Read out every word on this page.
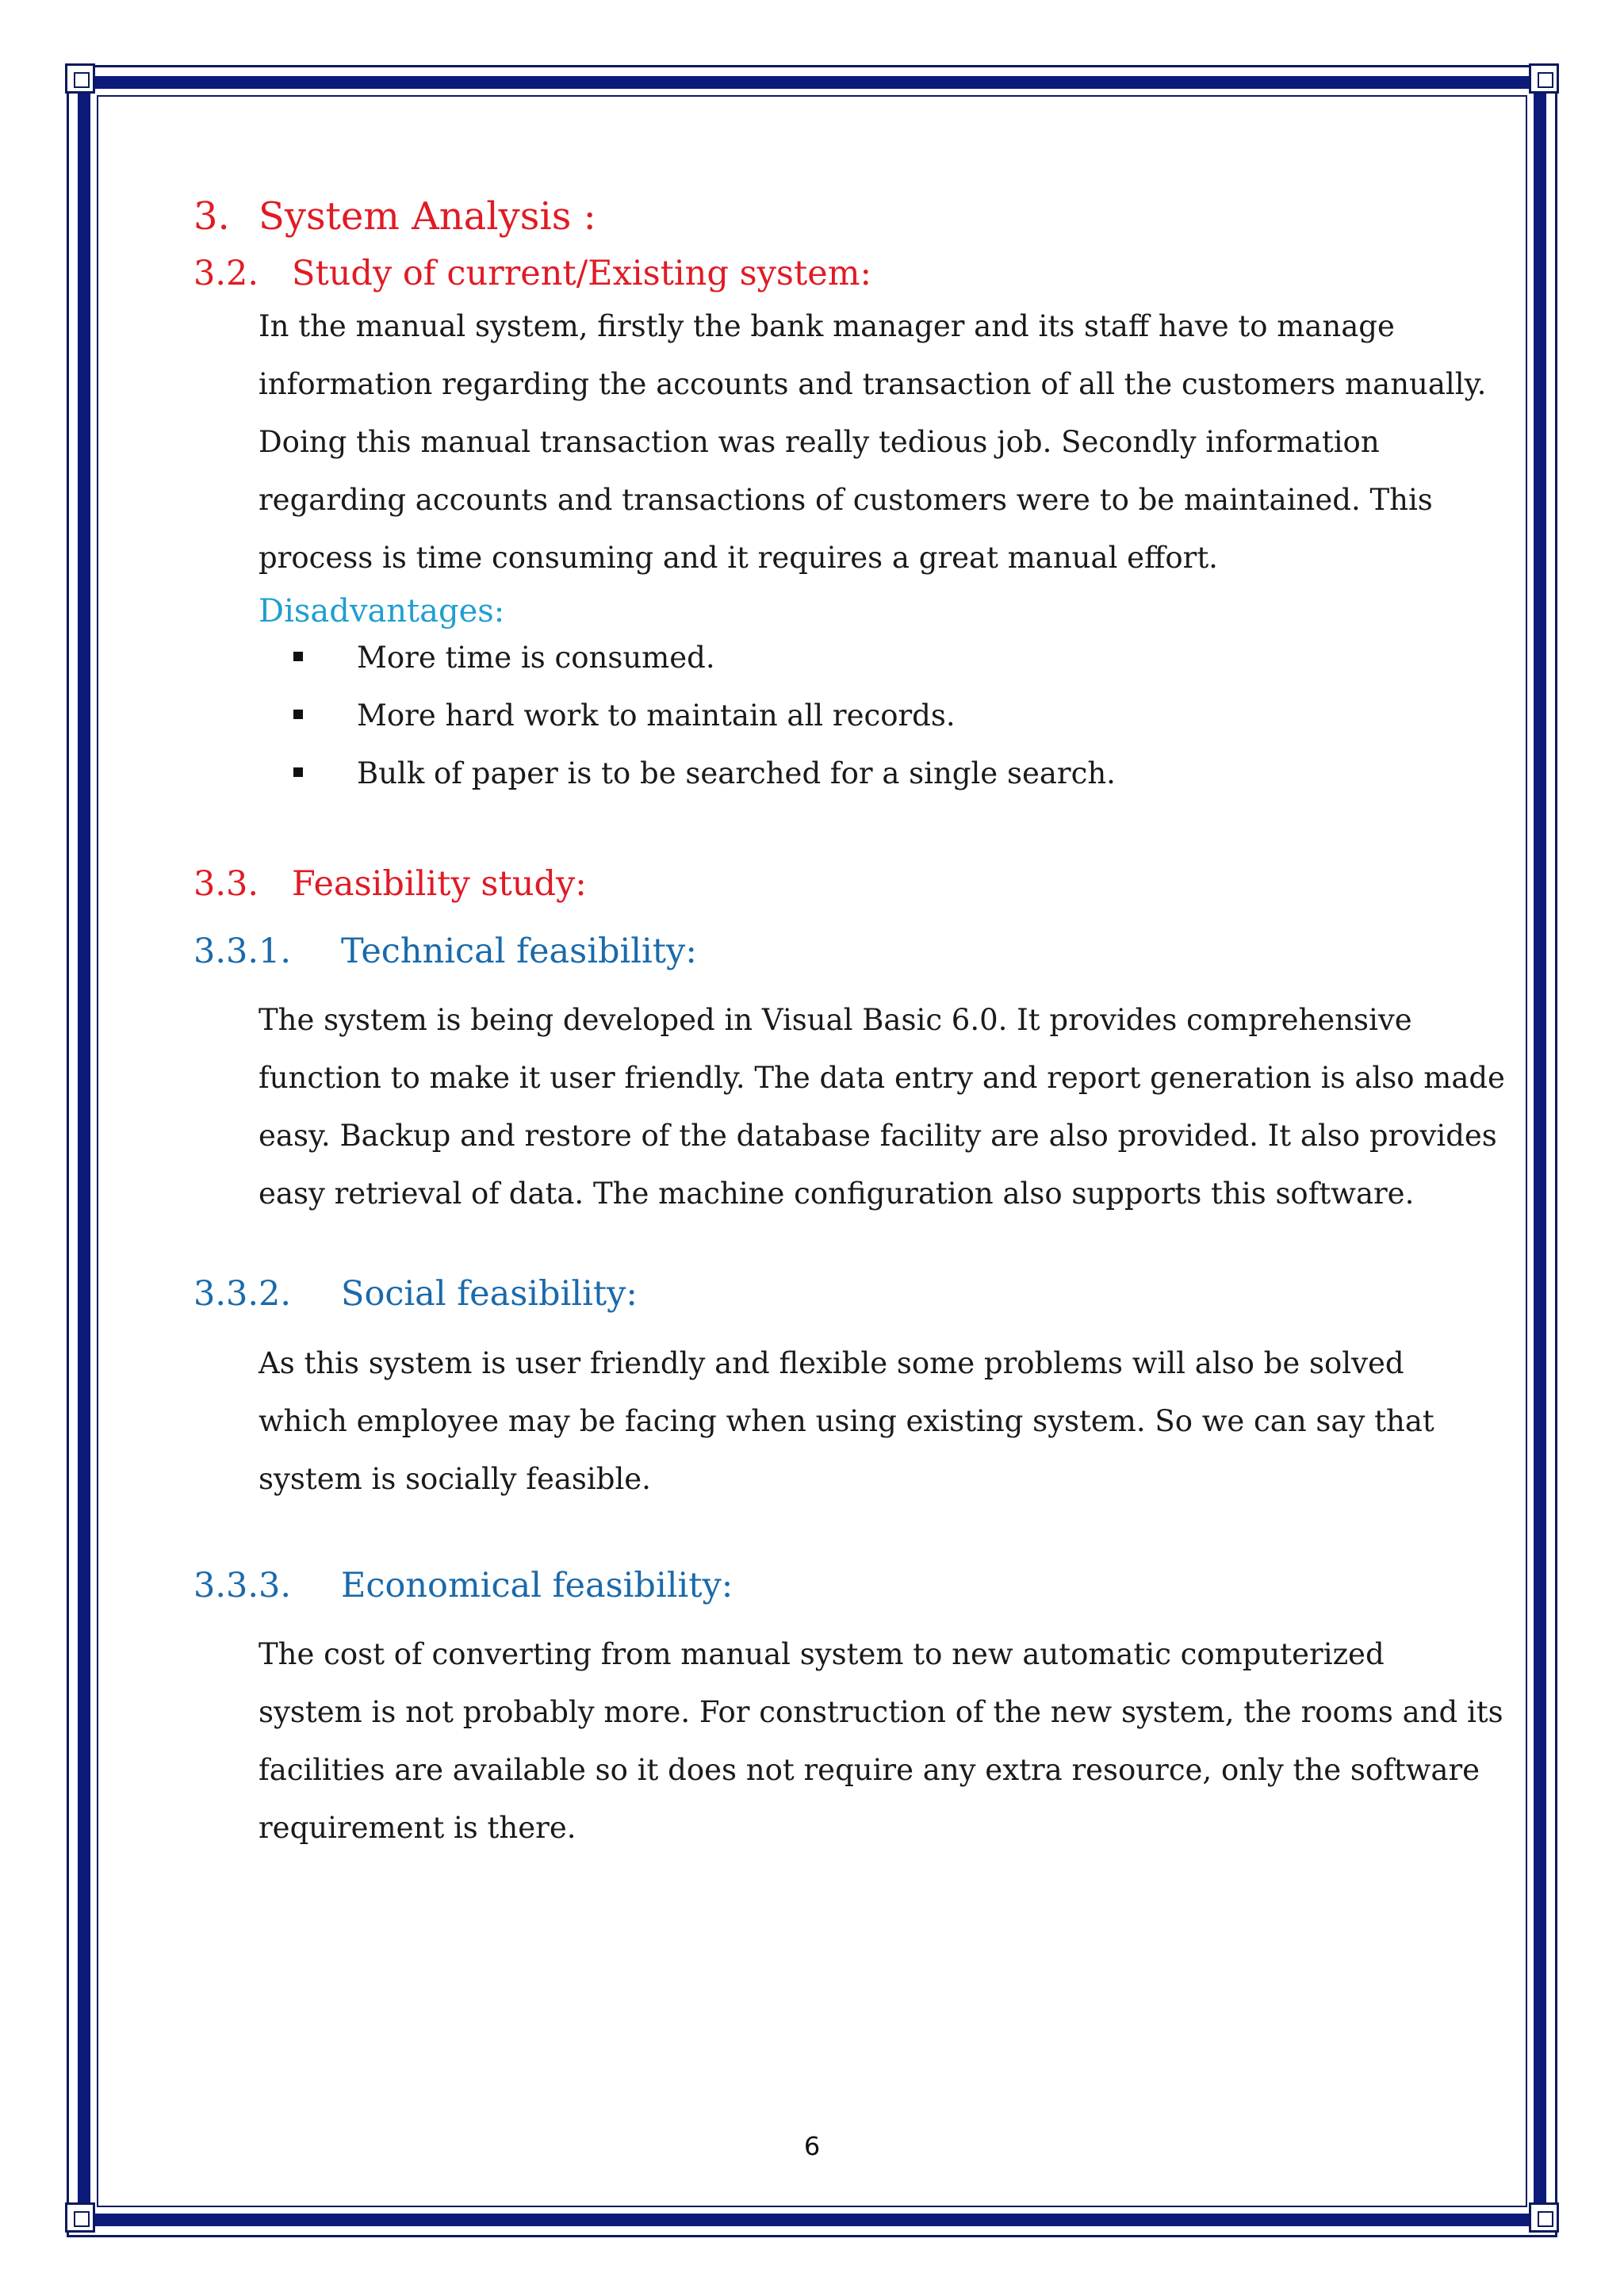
3. System Analysis :
3.2. Study of current/Existing system:
In the manual system, firstly the bank manager and its staff have to manage
information regarding the accounts and transaction of all the customers manually.
Doing this manual transaction was really tedious job. Secondly information
regarding accounts and transactions of customers were to be maintained. This
process is time consuming and it requires a great manual effort.
Disadvantages:
More time is consumed.
More hard work to maintain all records.
Bulk of paper is to be searched for a single search.
3.3. Feasibility study:
3.3.1. Technical feasibility:
The system is being developed in Visual Basic 6.0. It provides comprehensive
function to make it user friendly. The data entry and report generation is also made
easy. Backup and restore of the database facility are also provided. It also provides
easy retrieval of data. The machine configuration also supports this software.
3.3.2. Social feasibility:
As this system is user friendly and flexible some problems will also be solved
which employee may be facing when using existing system. So we can say that
system is socially feasible.
3.3.3. Economical feasibility:
The cost of converting from manual system to new automatic computerized
system is not probably more. For construction of the new system, the rooms and its
facilities are available so it does not require any extra resource, only the software
requirement is there.
6
